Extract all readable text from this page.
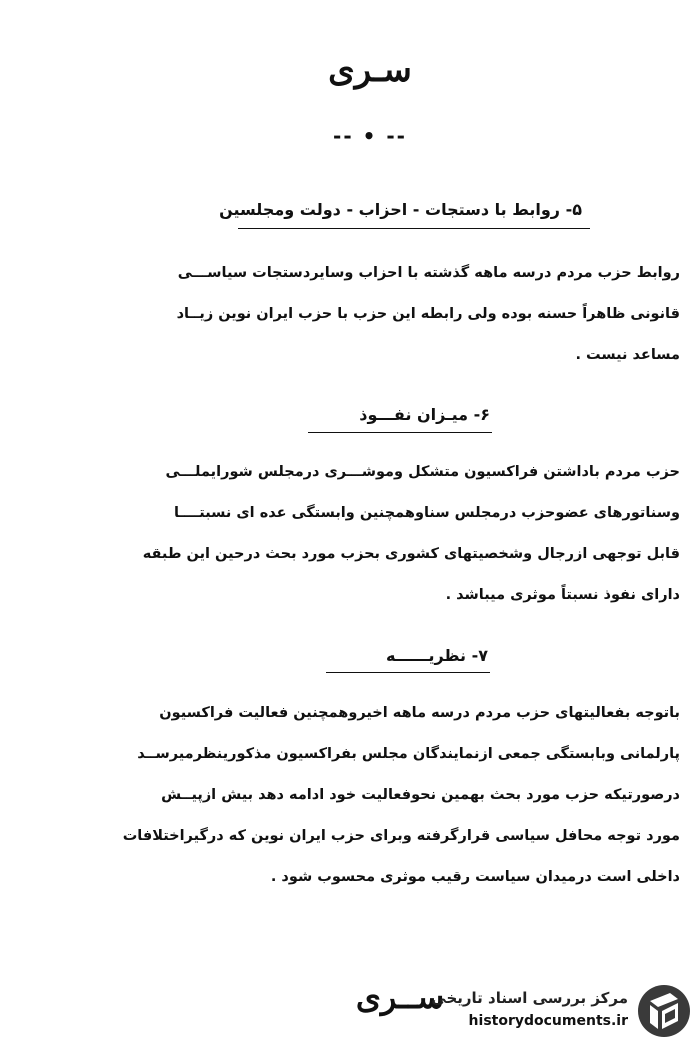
سـری
-- • --
۵- روابط با دستجات - احزاب - دولت ومجلسین
روابط حزب مردم درسه ماهه گذشته با احزاب وسایردستجات سیاســـی
قانونی ظاهراً حسنه بوده ولی رابطه این حزب با حزب ایران نوین زیــاد
مساعد نیست .
۶- میـزان نفـــوذ
حزب مردم باداشتن فراکسیون متشکل وموشـــری درمجلس شورایملـــی
وسناتورهای عضوحزب درمجلس سناوهمچنین وابستگی عده ای نسبتــــا
قابل توجهی ازرجال وشخصیتهای کشوری بحزب مورد بحث درحین این طبقه
دارای نفوذ نسبتاً موثری میباشد .
۷- نظریــــــه
باتوجه بفعالیتهای حزب مردم درسه ماهه اخیروهمچنین فعالیت فراکسیون
پارلمانی وبابستگی جمعی ازنمایندگان مجلس بفراکسیون مذکورینظرمیرســد
درصورتیکه حزب مورد بحث بهمین نحوفعالیت خود ادامه دهد بیش ازپیــش
مورد توجه محافل سیاسی قرارگرفته وبرای حزب ایران نوین که درگیراختلافات
داخلی است درمیدان سیاست رقیب موثری محسوب شود .
ســری
مرکز بررسی اسناد تاریخی
historydocuments.ir
